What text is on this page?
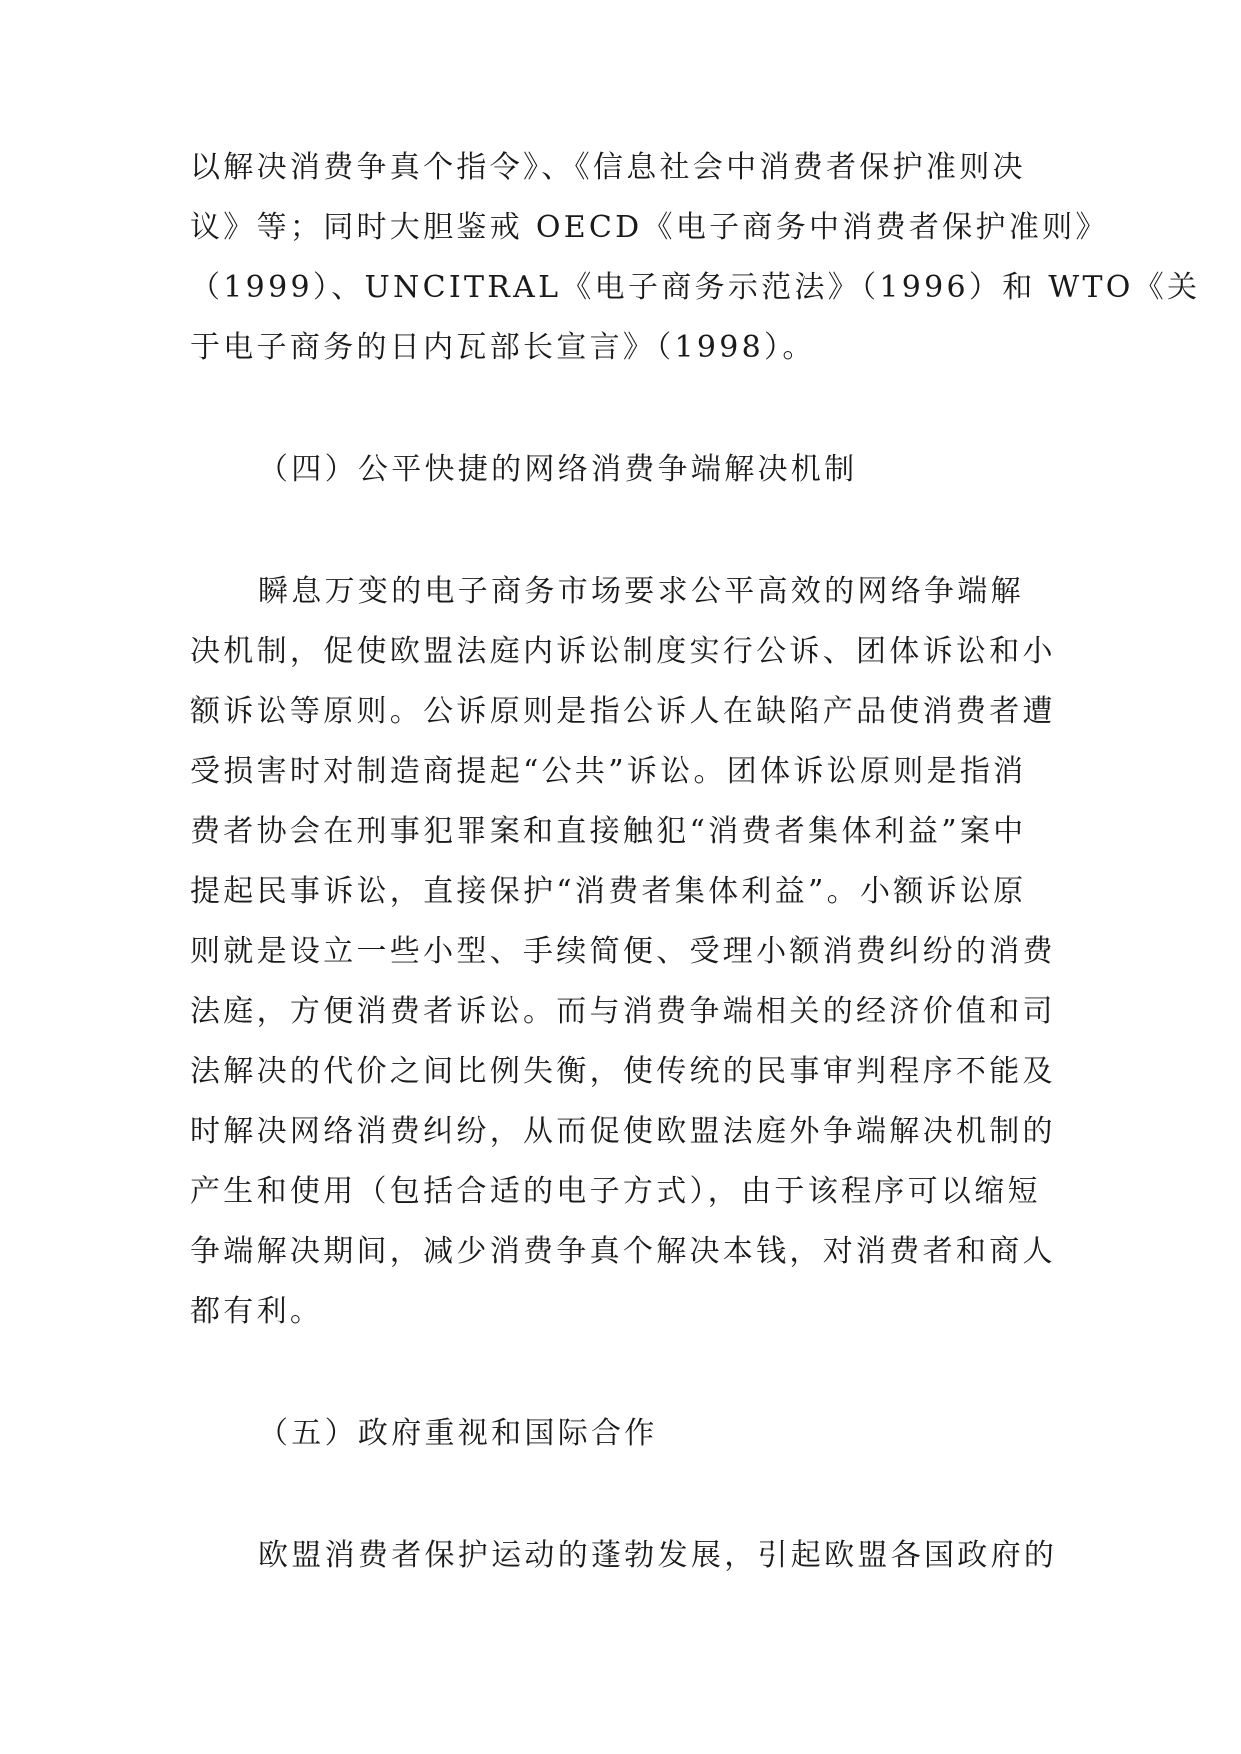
以解决消费争真个指令》、《信息社会中消费者保护准则决
议》等；同时大胆鉴戒 OECD《电子商务中消费者保护准则》
（1999）、UNCITRAL《电子商务示范法》（1996）和 WTO《关
于电子商务的日内瓦部长宣言》（1998）。
（四）公平快捷的网络消费争端解决机制
瞬息万变的电子商务市场要求公平高效的网络争端解
决机制，促使欧盟法庭内诉讼制度实行公诉、团体诉讼和小
额诉讼等原则。公诉原则是指公诉人在缺陷产品使消费者遭
受损害时对制造商提起“公共”诉讼。团体诉讼原则是指消
费者协会在刑事犯罪案和直接触犯“消费者集体利益”案中
提起民事诉讼，直接保护“消费者集体利益”。小额诉讼原
则就是设立一些小型、手续简便、受理小额消费纠纷的消费
法庭，方便消费者诉讼。而与消费争端相关的经济价值和司
法解决的代价之间比例失衡，使传统的民事审判程序不能及
时解决网络消费纠纷，从而促使欧盟法庭外争端解决机制的
产生和使用（包括合适的电子方式），由于该程序可以缩短
争端解决期间，减少消费争真个解决本钱，对消费者和商人
都有利。
（五）政府重视和国际合作
欧盟消费者保护运动的蓬勃发展，引起欧盟各国政府的
